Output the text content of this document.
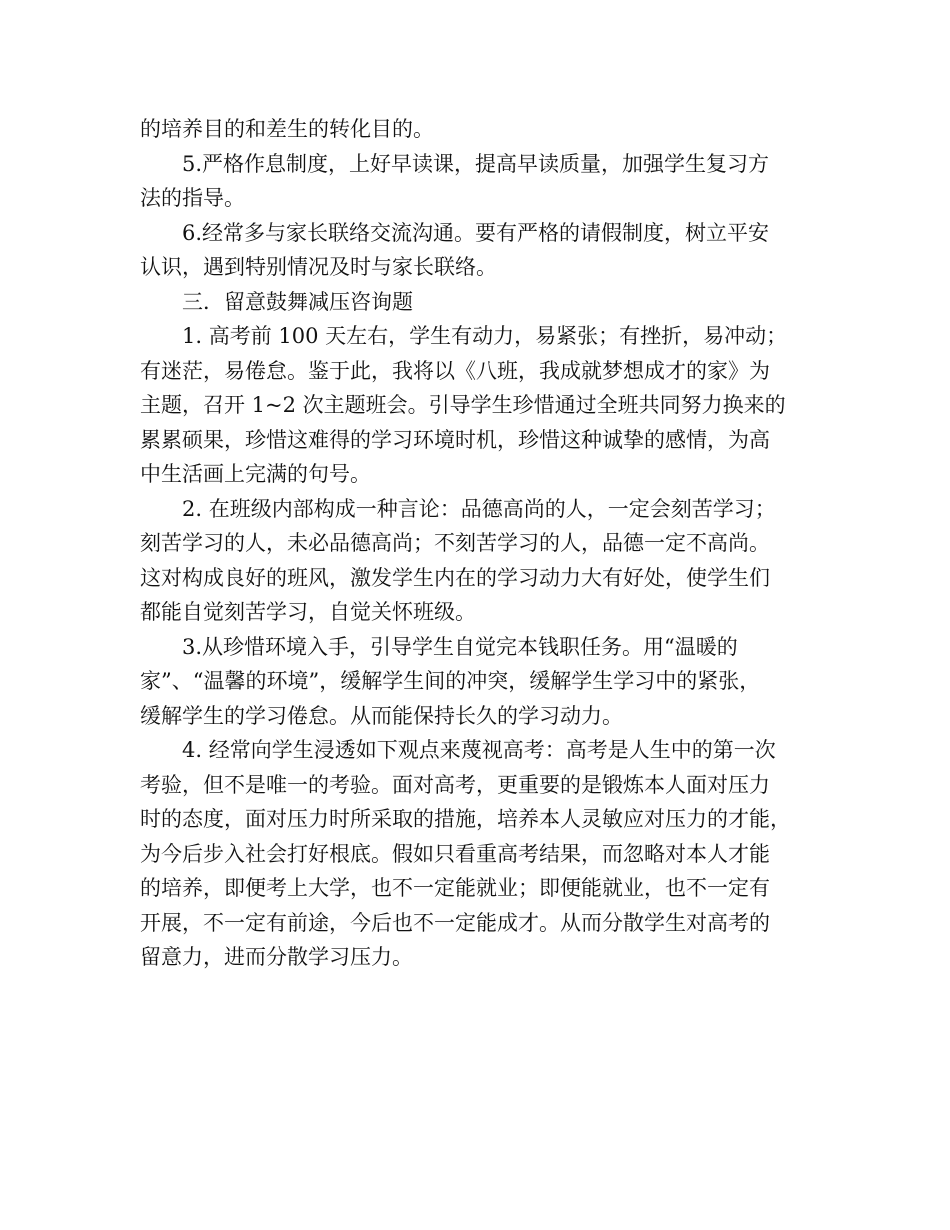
的培养目的和差生的转化目的。
5.严格作息制度，上好早读课，提高早读质量，加强学生复习方
法的指导。
6.经常多与家长联络交流沟通。要有严格的请假制度，树立平安
认识，遇到特别情况及时与家长联络。
三．留意鼓舞减压咨询题
1. 高考前 100 天左右，学生有动力，易紧张；有挫折，易冲动；
有迷茫，易倦怠。鉴于此，我将以《八班，我成就梦想成才的家》为
主题，召开 1~2 次主题班会。引导学生珍惜通过全班共同努力换来的
累累硕果，珍惜这难得的学习环境时机，珍惜这种诚挚的感情，为高
中生活画上完满的句号。
2. 在班级内部构成一种言论：品德高尚的人，一定会刻苦学习；
刻苦学习的人，未必品德高尚；不刻苦学习的人，品德一定不高尚。
这对构成良好的班风，激发学生内在的学习动力大有好处，使学生们
都能自觉刻苦学习，自觉关怀班级。
3.从珍惜环境入手，引导学生自觉完本钱职任务。用“温暖的
家”、“温馨的环境”，缓解学生间的冲突，缓解学生学习中的紧张，
缓解学生的学习倦怠。从而能保持长久的学习动力。
4. 经常向学生浸透如下观点来蔑视高考：高考是人生中的第一次
考验，但不是唯一的考验。面对高考，更重要的是锻炼本人面对压力
时的态度，面对压力时所采取的措施，培养本人灵敏应对压力的才能，
为今后步入社会打好根底。假如只看重高考结果，而忽略对本人才能
的培养，即便考上大学，也不一定能就业；即便能就业，也不一定有
开展，不一定有前途，今后也不一定能成才。从而分散学生对高考的
留意力，进而分散学习压力。
